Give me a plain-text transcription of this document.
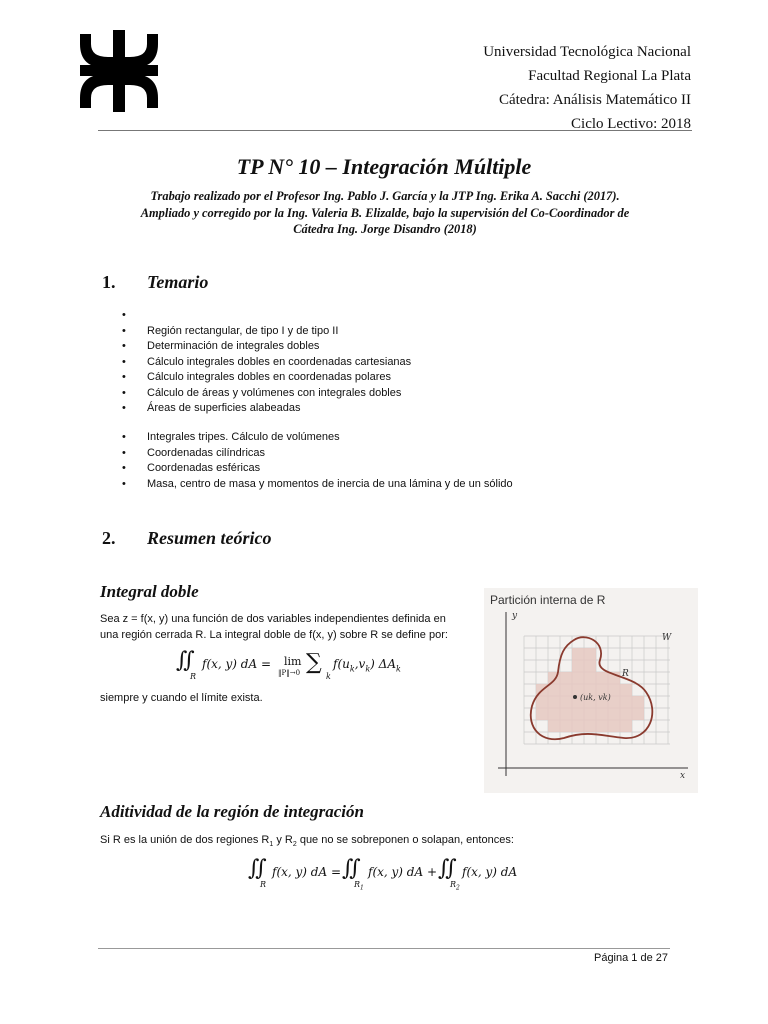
Universidad Tecnológica Nacional
Facultad Regional La Plata
Cátedra: Análisis Matemático II
Ciclo Lectivo: 2018
TP N° 10 – Integración Múltiple
Trabajo realizado por el Profesor Ing. Pablo J. García y la JTP Ing. Erika A. Sacchi (2017).
Ampliado y corregido por la Ing. Valeria B. Elizalde, bajo la supervisión del Co-Coordinador de
Cátedra Ing. Jorge Disandro (2018)
1. Temario
•
• Región rectangular, de tipo I y de tipo II
• Determinación de integrales dobles
• Cálculo integrales dobles en coordenadas cartesianas
• Cálculo integrales dobles en coordenadas polares
• Cálculo de áreas y volúmenes con integrales dobles
• Áreas de superficies alabeadas
• Integrales tripes. Cálculo de volúmenes
• Coordenadas cilíndricas
• Coordenadas esféricas
• Masa, centro de masa y momentos de inercia de una lámina y de un sólido
2. Resumen teórico
Integral doble
Sea z = f(x, y) una función de dos variables independientes definida en
una región cerrada R. La integral doble de f(x, y) sobre R se define por:
∬
R
f(x, y) dA = lim
‖P‖→0 ∑
k
$f(u_k,v_k)$ $\Delta A_k$
siempre y cuando el límite exista.
Partición interna de R
y
x
W
R
(uk, vk)
Aditividad de la región de integración
Si R es la unión de dos regiones $R_1$ y $R_2$ que no se sobreponen o solapan, entonces:
∬
R
f(x, y) dA = ∬
$R_1$
f(x, y) dA + ∬
$R_2$
f(x, y) dA
Página 1 de 27
